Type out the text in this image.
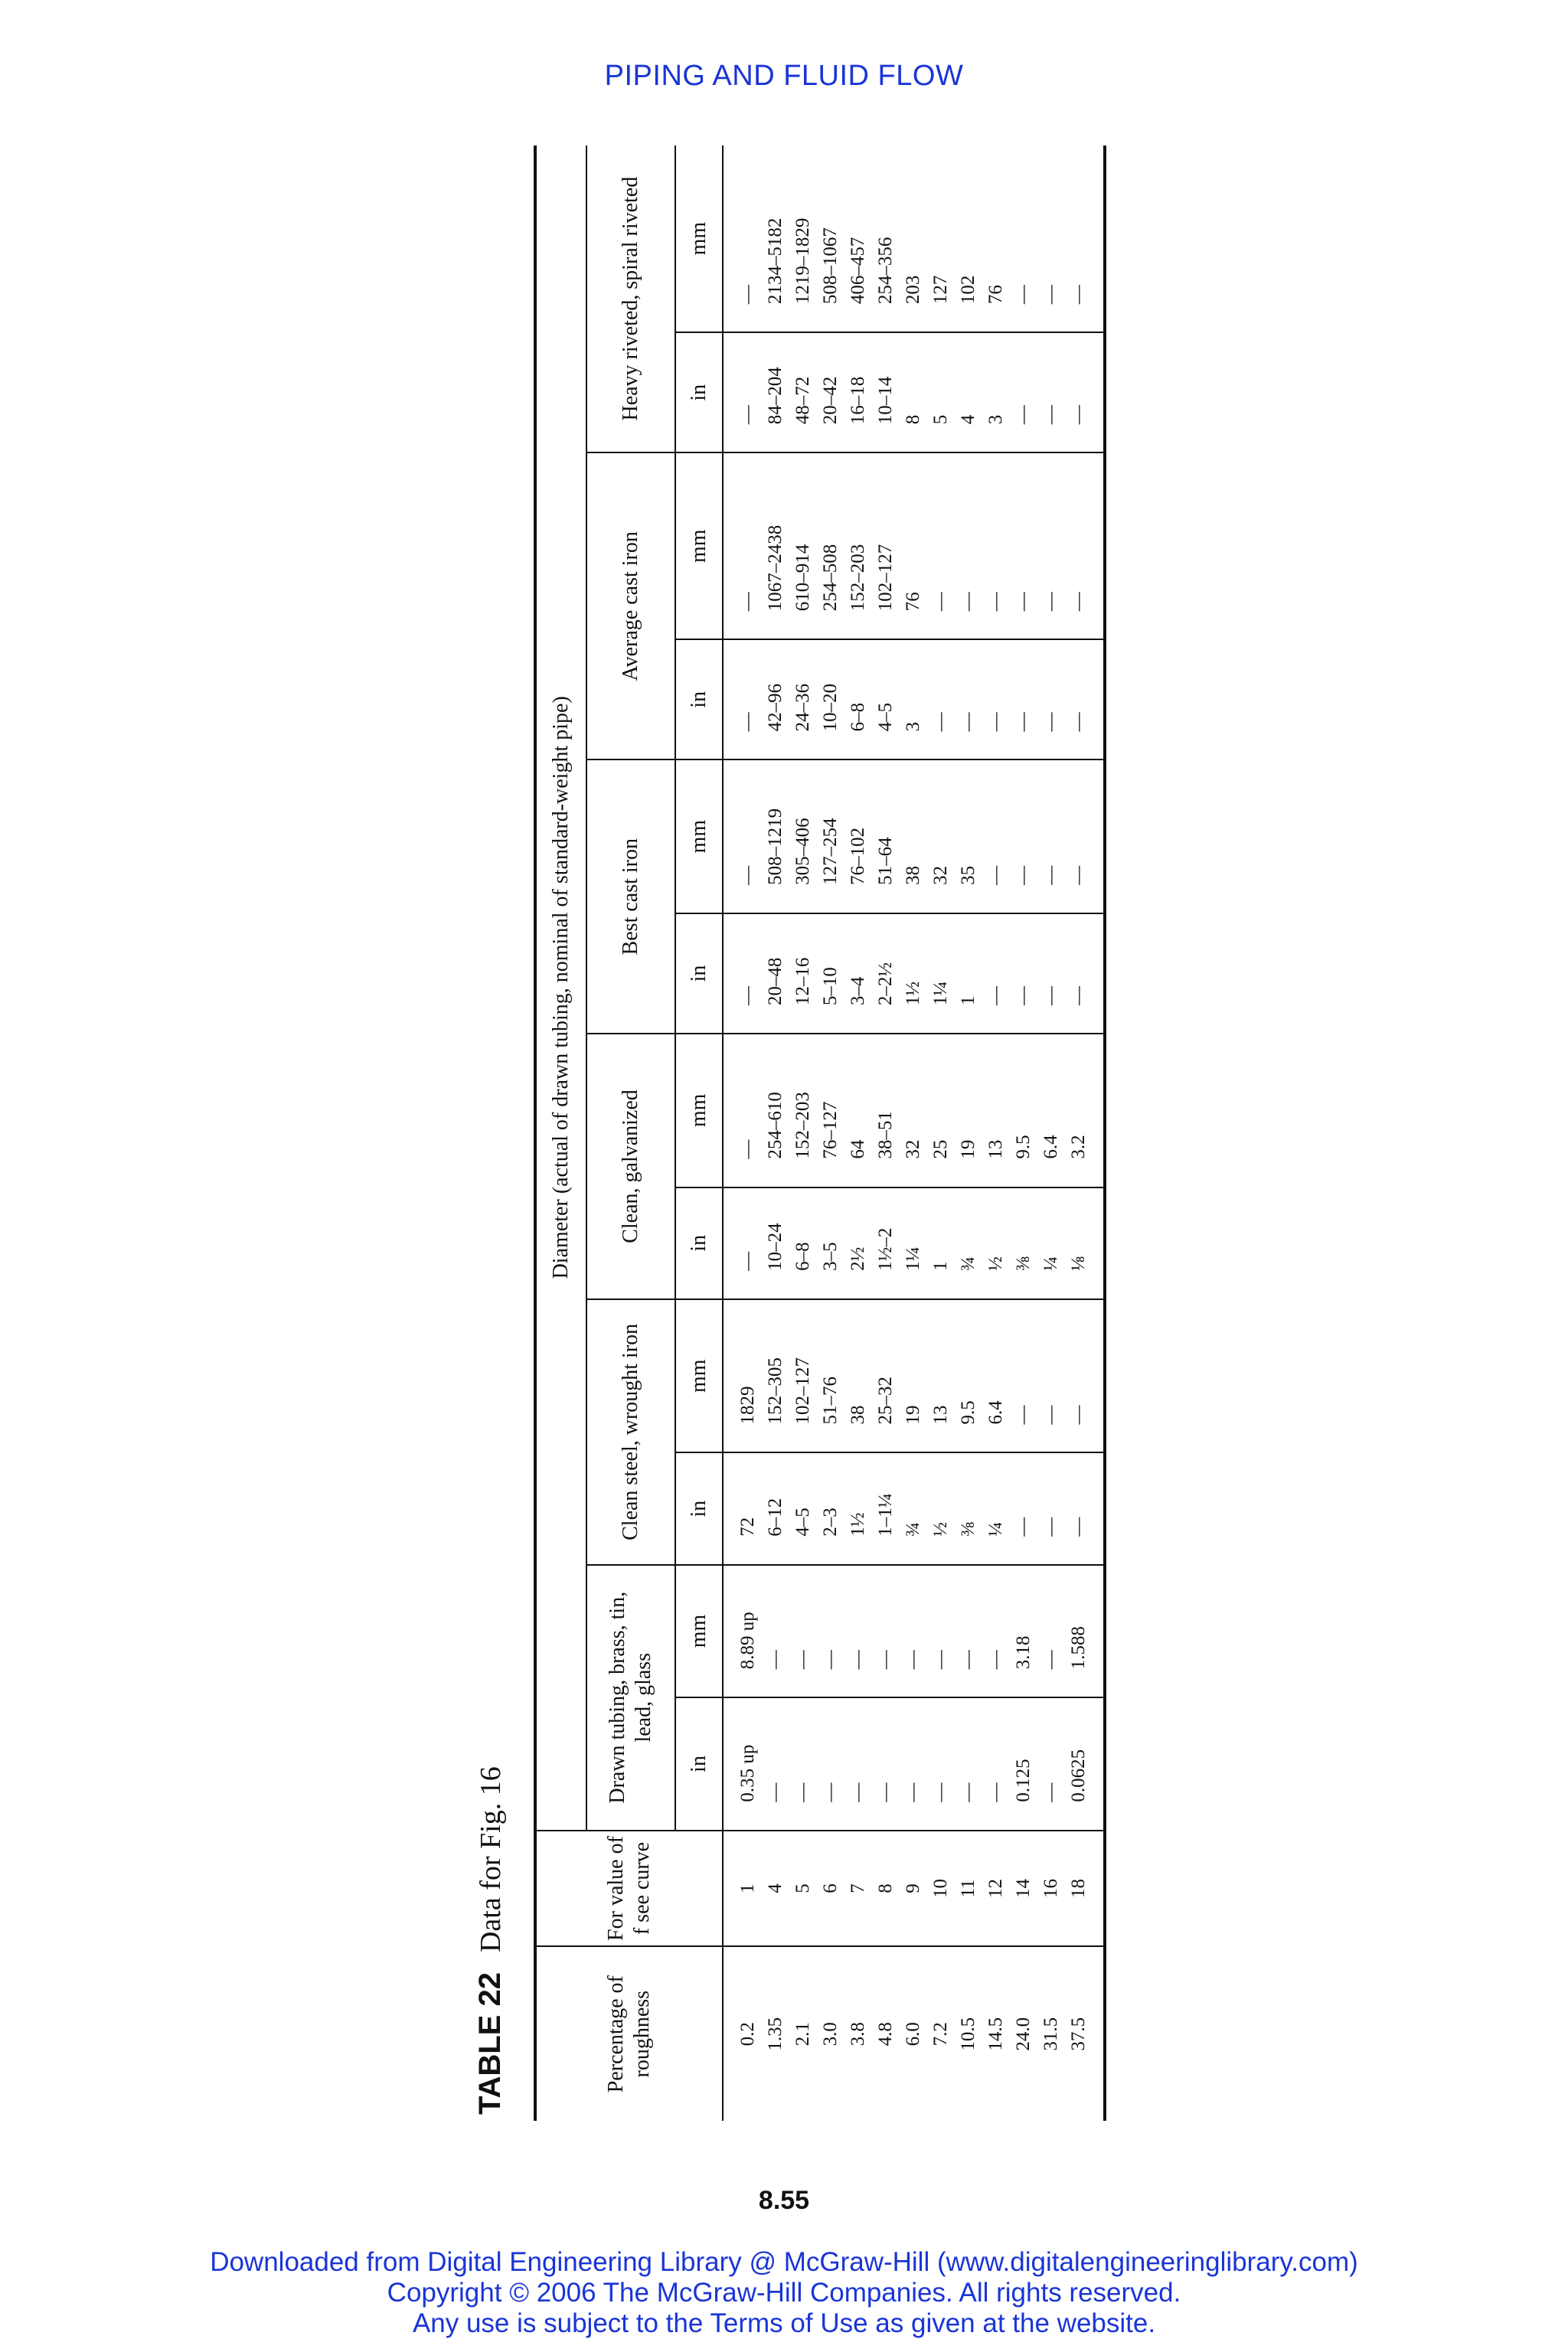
PIPING AND FLUID FLOW
TABLE 22Data for Fig. 16
Percentage of roughness	For value of f see curve	Diameter (actual of drawn tubing, nominal of standard-weight pipe)											
		Drawn tubing, brass, tin, lead, glass		Clean steel, wrought iron		Clean, galvanized		Best cast iron		Average cast iron		Heavy riveted, spiral riveted	
		in	mm	in	mm	in	mm	in	mm	in	mm	in	mm
0.2	1	0.35 up	8.89 up	72	1829	—	—	—	—	—	—	—	—
1.35	4	—	—	6–12	152–305	10–24	254–610	20–48	508–1219	42–96	1067–2438	84–204	2134–5182
2.1	5	—	—	4–5	102–127	6–8	152–203	12–16	305–406	24–36	610–914	48–72	1219–1829
3.0	6	—	—	2–3	51–76	3–5	76–127	5–10	127–254	10–20	254–508	20–42	508–1067
3.8	7	—	—	1½	38	2½	64	3–4	76–102	6–8	152–203	16–18	406–457
4.8	8	—	—	1–1¼	25–32	1½–2	38–51	2–2½	51–64	4–5	102–127	10–14	254–356
6.0	9	—	—	¾	19	1¼	32	1½	38	3	76	8	203
7.2	10	—	—	½	13	1	25	1¼	32	—	—	5	127
10.5	11	—	—	⅜	9.5	¾	19	1	35	—	—	4	102
14.5	12	—	—	¼	6.4	½	13	—	—	—	—	3	76
24.0	14	0.125	3.18	—	—	⅜	9.5	—	—	—	—	—	—
31.5	16	—	—	—	—	¼	6.4	—	—	—	—	—	—
37.5	18	0.0625	1.588	—	—	⅛	3.2	—	—	—	—	—	—
8.55
Downloaded from Digital Engineering Library @ McGraw-Hill (www.digitalengineeringlibrary.com)
Copyright © 2006 The McGraw-Hill Companies. All rights reserved.
Any use is subject to the Terms of Use as given at the website.
